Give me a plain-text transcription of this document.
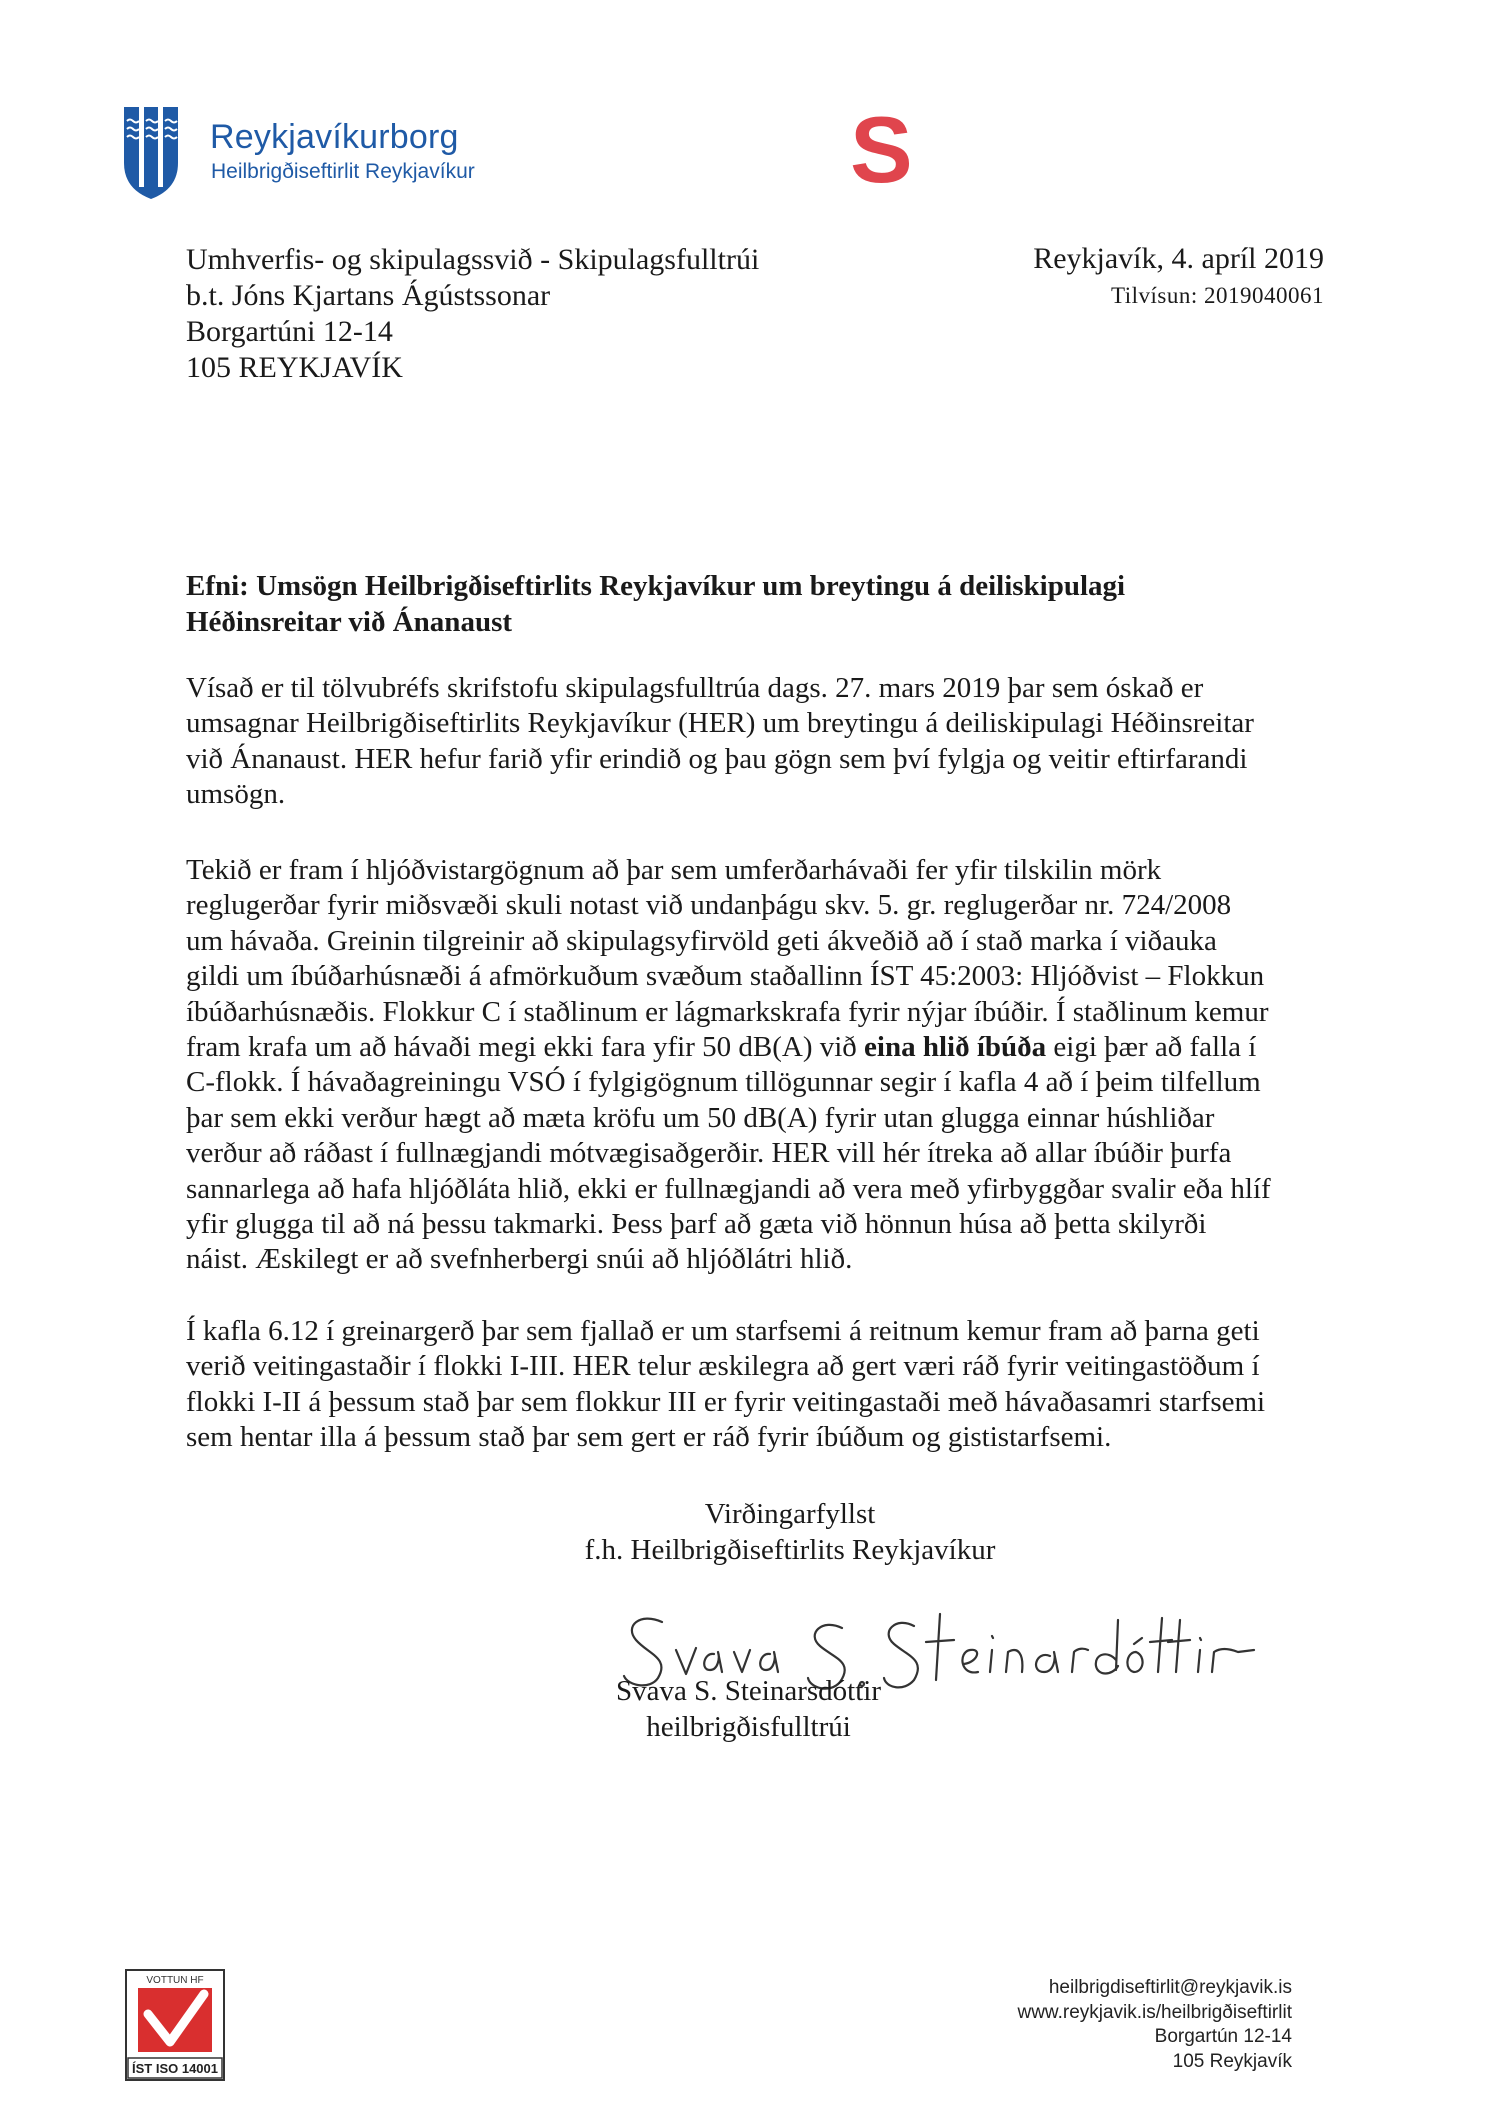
Reykjavíkurborg
Heilbrigðiseftirlit Reykjavíkur	S
Umhverfis- og skipulagssvið - Skipulagsfulltrúi
b.t. Jóns Kjartans Ágústssonar
Borgartúni 12-14
105 REYKJAVÍK
Reykjavík, 4. apríl 2019
Tilvísun: 2019040061
Efni: Umsögn Heilbrigðiseftirlits Reykjavíkur um breytingu á deiliskipulagi
Héðinsreitar við Ánanaust
Vísað er til tölvubréfs skrifstofu skipulagsfulltrúa dags. 27. mars 2019 þar sem óskað er
umsagnar Heilbrigðiseftirlits Reykjavíkur (HER) um breytingu á deiliskipulagi Héðinsreitar
við Ánanaust. HER hefur farið yfir erindið og þau gögn sem því fylgja og veitir eftirfarandi
umsögn.
Tekið er fram í hljóðvistargögnum að þar sem umferðarhávaði fer yfir tilskilin mörk
reglugerðar fyrir miðsvæði skuli notast við undanþágu skv. 5. gr. reglugerðar nr. 724/2008
um hávaða. Greinin tilgreinir að skipulagsyfirvöld geti ákveðið að í stað marka í viðauka
gildi um íbúðarhúsnæði á afmörkuðum svæðum staðallinn ÍST 45:2003: Hljóðvist – Flokkun
íbúðarhúsnæðis. Flokkur C í staðlinum er lágmarkskrafa fyrir nýjar íbúðir. Í staðlinum kemur
fram krafa um að hávaði megi ekki fara yfir 50 dB(A) við eina hlið íbúða eigi þær að falla í
C-flokk. Í hávaðagreiningu VSÓ í fylgigögnum tillögunnar segir í kafla 4 að í þeim tilfellum
þar sem ekki verður hægt að mæta kröfu um 50 dB(A) fyrir utan glugga einnar húshliðar
verður að ráðast í fullnægjandi mótvægisaðgerðir. HER vill hér ítreka að allar íbúðir þurfa
sannarlega að hafa hljóðláta hlið, ekki er fullnægjandi að vera með yfirbyggðar svalir eða hlíf
yfir glugga til að ná þessu takmarki. Þess þarf að gæta við hönnun húsa að þetta skilyrði
náist. Æskilegt er að svefnherbergi snúi að hljóðlátri hlið.
Í kafla 6.12 í greinargerð þar sem fjallað er um starfsemi á reitnum kemur fram að þarna geti
verið veitingastaðir í flokki I-III. HER telur æskilegra að gert væri ráð fyrir veitingastöðum í
flokki I-II á þessum stað þar sem flokkur III er fyrir veitingastaði með hávaðasamri starfsemi
sem hentar illa á þessum stað þar sem gert er ráð fyrir íbúðum og gististarfsemi.
Virðingarfyllst
f.h. Heilbrigðiseftirlits Reykjavíkur
Svava S. Steinarsdóttir
heilbrigðisfulltrúi
VOTTUN HF
ÍST ISO 14001
heilbrigdiseftirlit@reykjavik.is
www.reykjavik.is/heilbrigðiseftirlit
Borgartún 12-14
105 Reykjavík
